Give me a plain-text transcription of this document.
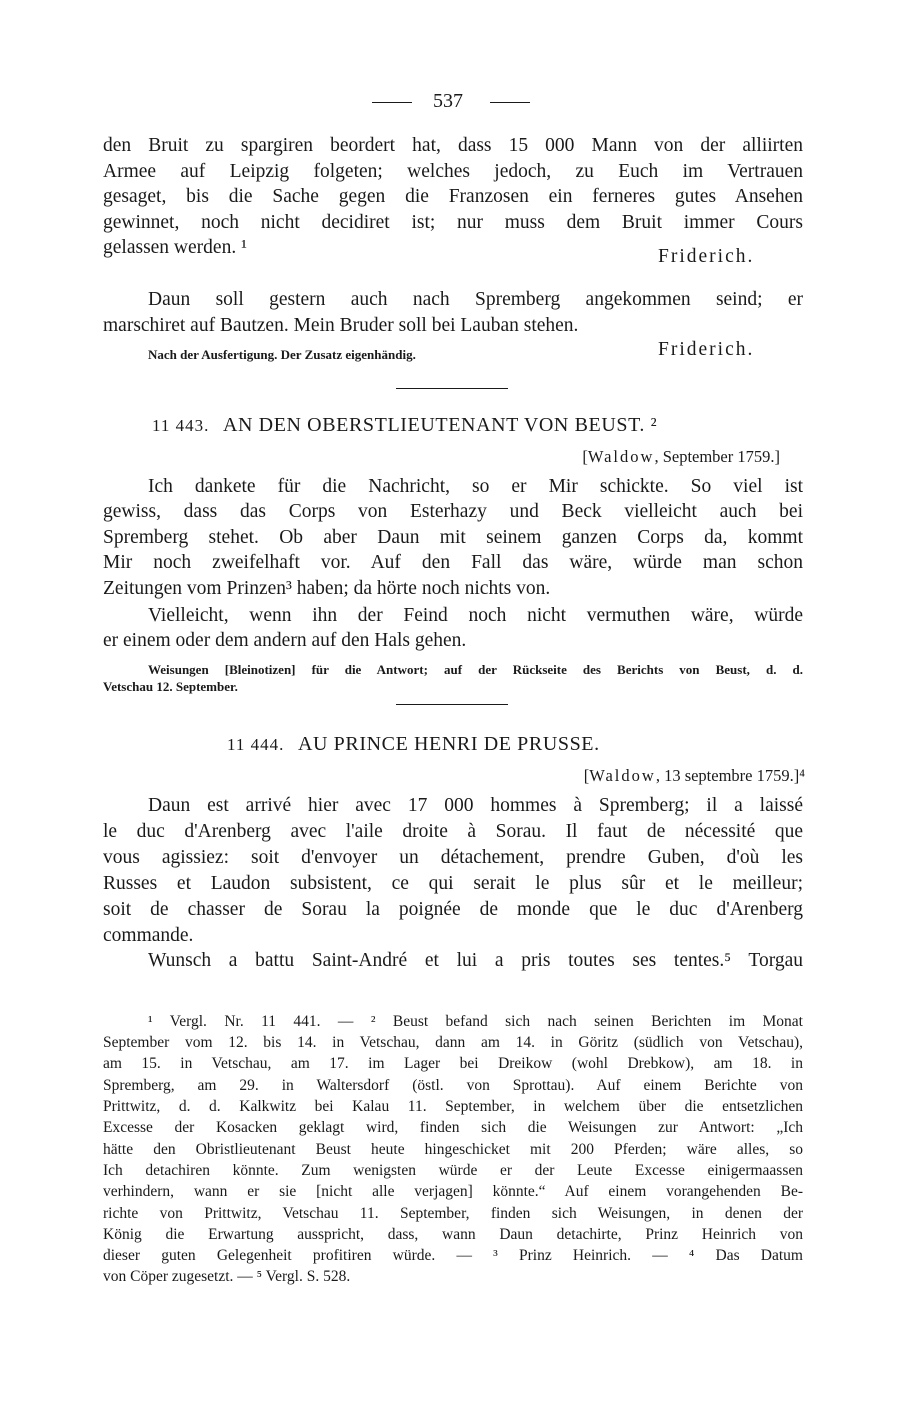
537
den Bruit zu spargiren beordert hat, dass 15 000 Mann von der alliirten
Armee auf Leipzig folgeten; welches jedoch, zu Euch im Vertrauen
gesaget, bis die Sache gegen die Franzosen ein ferneres gutes Ansehen
gewinnet, noch nicht decidiret ist; nur muss dem Bruit immer Cours
gelassen werden. ¹	Friderich.
Daun soll gestern auch nach Spremberg angekommen seind; er
marschiret auf Bautzen. Mein Bruder soll bei Lauban stehen.
Nach der Ausfertigung. Der Zusatz eigenhändig.	Friderich.
11 443. AN DEN OBERSTLIEUTENANT VON BEUST. ²
[Waldow, September 1759.]
Ich dankete für die Nachricht, so er Mir schickte. So viel ist
gewiss, dass das Corps von Esterhazy und Beck vielleicht auch bei
Spremberg stehet. Ob aber Daun mit seinem ganzen Corps da, kommt
Mir noch zweifelhaft vor. Auf den Fall das wäre, würde man schon
Zeitungen vom Prinzen³ haben; da hörte noch nichts von.
Vielleicht, wenn ihn der Feind noch nicht vermuthen wäre, würde
er einem oder dem andern auf den Hals gehen.
Weisungen [Bleinotizen] für die Antwort; auf der Rückseite des Berichts von Beust, d. d.
Vetschau 12. September.
11 444. AU PRINCE HENRI DE PRUSSE.
[Waldow, 13 septembre 1759.]⁴
Daun est arrivé hier avec 17 000 hommes à Spremberg; il a laissé
le duc d'Arenberg avec l'aile droite à Sorau. Il faut de nécessité que
vous agissiez: soit d'envoyer un détachement, prendre Guben, d'où les
Russes et Laudon subsistent, ce qui serait le plus sûr et le meilleur;
soit de chasser de Sorau la poignée de monde que le duc d'Arenberg
commande.
Wunsch a battu Saint-André et lui a pris toutes ses tentes.⁵ Torgau
¹ Vergl. Nr. 11 441. — ² Beust befand sich nach seinen Berichten im Monat
September vom 12. bis 14. in Vetschau, dann am 14. in Göritz (südlich von Vetschau),
am 15. in Vetschau, am 17. im Lager bei Dreikow (wohl Drebkow), am 18. in
Spremberg, am 29. in Waltersdorf (östl. von Sprottau). Auf einem Berichte von
Prittwitz, d. d. Kalkwitz bei Kalau 11. September, in welchem über die entsetzlichen
Excesse der Kosacken geklagt wird, finden sich die Weisungen zur Antwort: „Ich
hätte den Obristlieutenant Beust heute hingeschicket mit 200 Pferden; wäre alles, so
Ich detachiren könnte. Zum wenigsten würde er der Leute Excesse einigermaassen
verhindern, wann er sie [nicht alle verjagen] könnte.“ Auf einem vorangehenden Be-
richte von Prittwitz, Vetschau 11. September, finden sich Weisungen, in denen der
König die Erwartung ausspricht, dass, wann Daun detachirte, Prinz Heinrich von
dieser guten Gelegenheit profitiren würde. — ³ Prinz Heinrich. — ⁴ Das Datum
von Cöper zugesetzt. — ⁵ Vergl. S. 528.
